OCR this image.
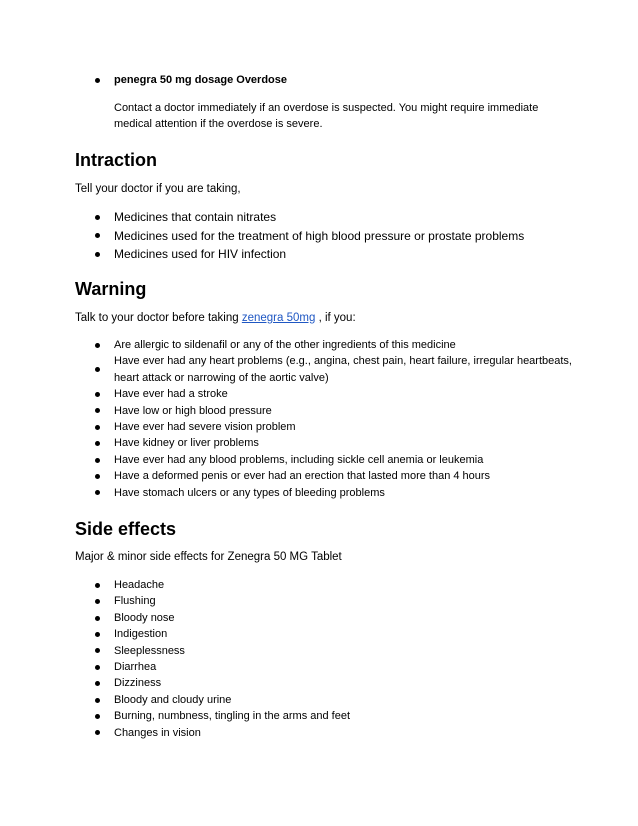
penegra 50 mg dosage Overdose

Contact a doctor immediately if an overdose is suspected. You might require immediate medical attention if the overdose is severe.

Intraction

Tell your doctor if you are taking,

Medicines that contain nitrates
Medicines used for the treatment of high blood pressure or prostate problems
Medicines used for HIV infection
Warning

Talk to your doctor before taking zenegra 50mg , if you:

Are allergic to sildenafil or any of the other ingredients of this medicine
Have ever had any heart problems (e.g., angina, chest pain, heart failure, irregular heartbeats, heart attack or narrowing of the aortic valve)
Have ever had a stroke
Have low or high blood pressure
Have ever had severe vision problem
Have kidney or liver problems
Have ever had any blood problems, including sickle cell anemia or leukemia
Have a deformed penis or ever had an erection that lasted more than 4 hours
Have stomach ulcers or any types of bleeding problems
Side effects

Major & minor side effects for Zenegra 50 MG Tablet

Headache
Flushing
Bloody nose
Indigestion
Sleeplessness
Diarrhea
Dizziness
Bloody and cloudy urine
Burning, numbness, tingling in the arms and feet
Changes in vision
